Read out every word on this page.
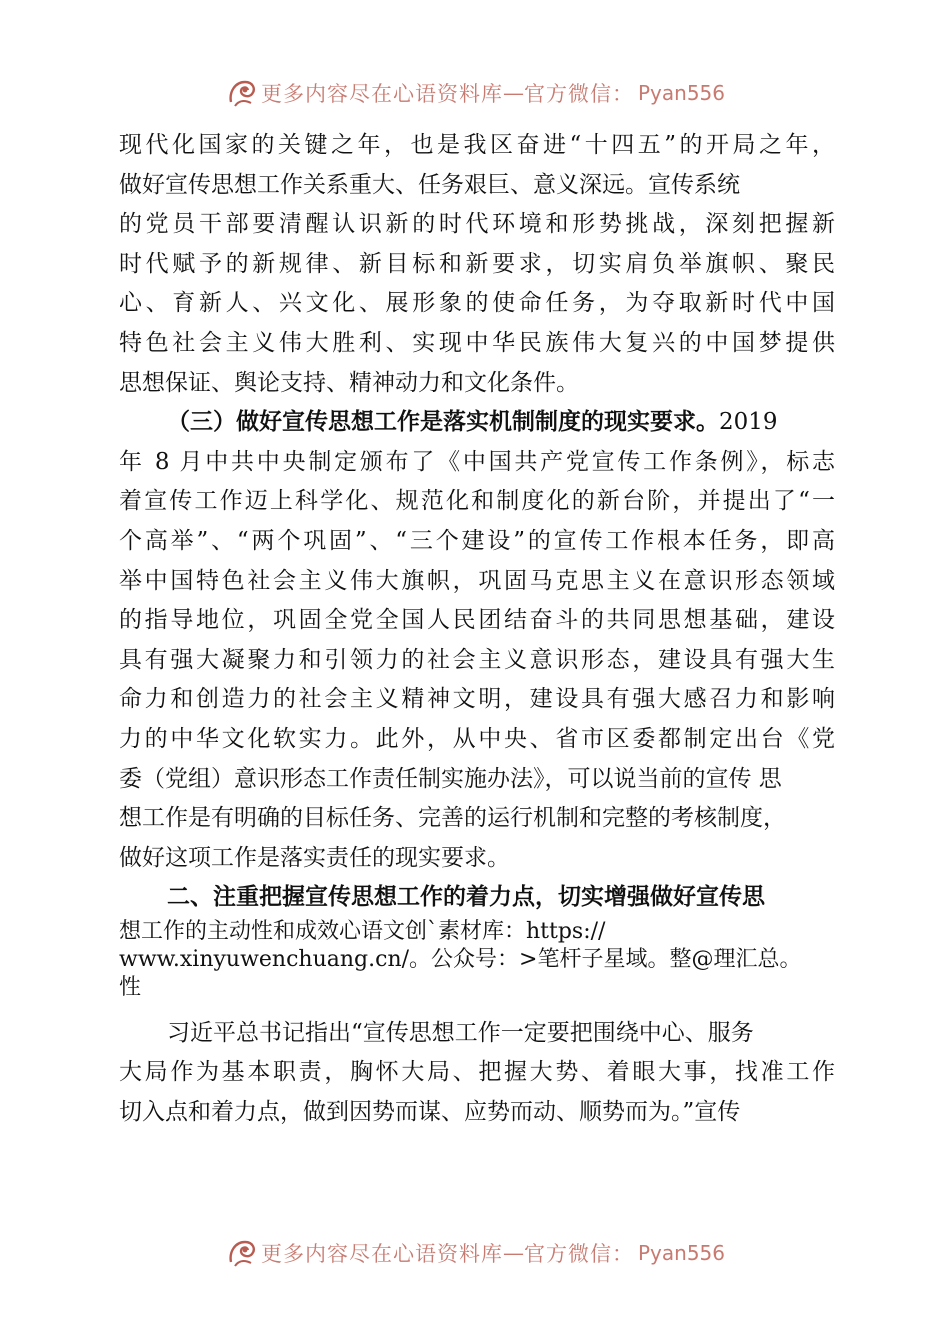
更多内容尽在心语资料库 — 官方微信： Pyan556
现代化国家的关键之年，也是我区奋进“十四五”的开局之年，
做好宣传思想工作关系重大、任务艰巨、意义深远。宣传系统
的党员干部要清醒认识新的时代环境和形势挑战，深刻把握新
时代赋予的新规律、新目标和新要求，切实肩负举旗帜、聚民
心、育新人、兴文化、展形象的使命任务，为夺取新时代中国
特色社会主义伟大胜利、实现中华民族伟大复兴的中国梦提供
思想保证、舆论支持、精神动力和文化条件。
（三）做好宣传思想工作是落实机制制度的现实要求。2019
年 8 月中共中央制定颁布了《中国共产党宣传工作条例》，标志
着宣传工作迈上科学化、规范化和制度化的新台阶，并提出了“一
个高举”、“两个巩固”、“三个建设”的宣传工作根本任务，即高
举中国特色社会主义伟大旗帜，巩固马克思主义在意识形态领域
的指导地位，巩固全党全国人民团结奋斗的共同思想基础，建设
具有强大凝聚力和引领力的社会主义意识形态，建设具有强大生
命力和创造力的社会主义精神文明，建设具有强大感召力和影响
力的中华文化软实力。此外，从中央、省市区委都制定出台《党
委（党组）意识形态工作责任制实施办法》，可以说当前的宣传 思
想工作是有明确的目标任务、完善的运行机制和完整的考核制度，
做好这项工作是落实责任的现实要求。
二、注重把握宣传思想工作的着力点，切实增强做好宣传思
想工作的主动性和成效心语文创`素材库：https://
www.xinyuwenchuang.cn/。公众号：>笔杆子星域。整@理汇总。
性
习近平总书记指出“宣传思想工作一定要把围绕中心、服务
大局作为基本职责，胸怀大局、把握大势、着眼大事，找准工作
切入点和着力点，做到因势而谋、应势而动、顺势而为。”宣传
更多内容尽在心语资料库 — 官方微信： Pyan556
